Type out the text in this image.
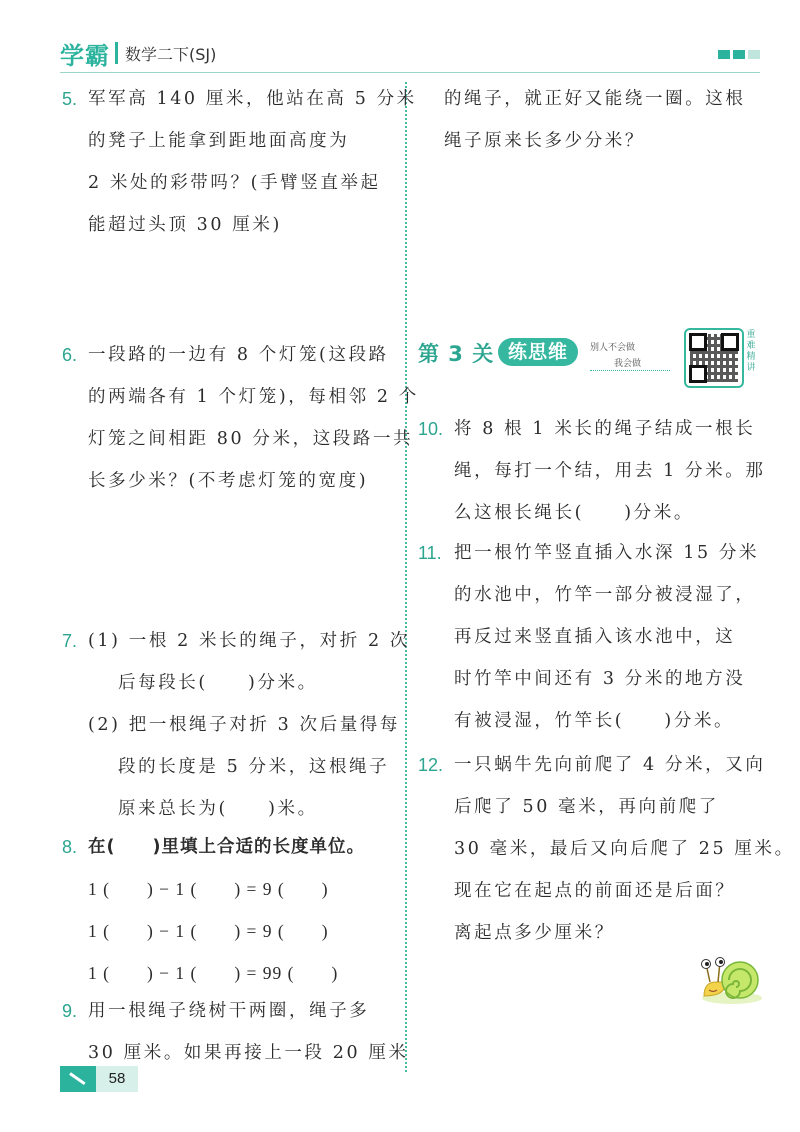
学霸 数学二下(SJ)
5. 军军高 140 厘米，他站在高 5 分米
的凳子上能拿到距地面高度为
2 米处的彩带吗？(手臂竖直举起
能超过头顶 30 厘米)
6. 一段路的一边有 8 个灯笼(这段路
的两端各有 1 个灯笼)，每相邻 2 个
灯笼之间相距 80 分米，这段路一共
长多少米？(不考虑灯笼的宽度)
7. (1) 一根 2 米长的绳子，对折 2 次
后每段长(　　)分米。
(2) 把一根绳子对折 3 次后量得每
段的长度是 5 分米，这根绳子
原来总长为(　　)米。
8. 在(　　)里填上合适的长度单位。
1 (　　) − 1 (　　) = 9 (　　)
1 (　　) − 1 (　　) = 9 (　　)
1 (　　) − 1 (　　) = 99 (　　)
9. 用一根绳子绕树干两圈，绳子多
30 厘米。如果再接上一段 20 厘米
的绳子，就正好又能绕一圈。这根
绳子原来长多少分米？
第 3 关 练思维	别人不会做
我会做
重难精讲
10. 将 8 根 1 米长的绳子结成一根长
绳，每打一个结，用去 1 分米。那
么这根长绳长(　　)分米。
11. 把一根竹竿竖直插入水深 15 分米
的水池中，竹竿一部分被浸湿了，
再反过来竖直插入该水池中，这
时竹竿中间还有 3 分米的地方没
有被浸湿，竹竿长(　　)分米。
12. 一只蜗牛先向前爬了 4 分米，又向
后爬了 50 毫米，再向前爬了
30 毫米，最后又向后爬了 25 厘米。
现在它在起点的前面还是后面？
离起点多少厘米？
58
